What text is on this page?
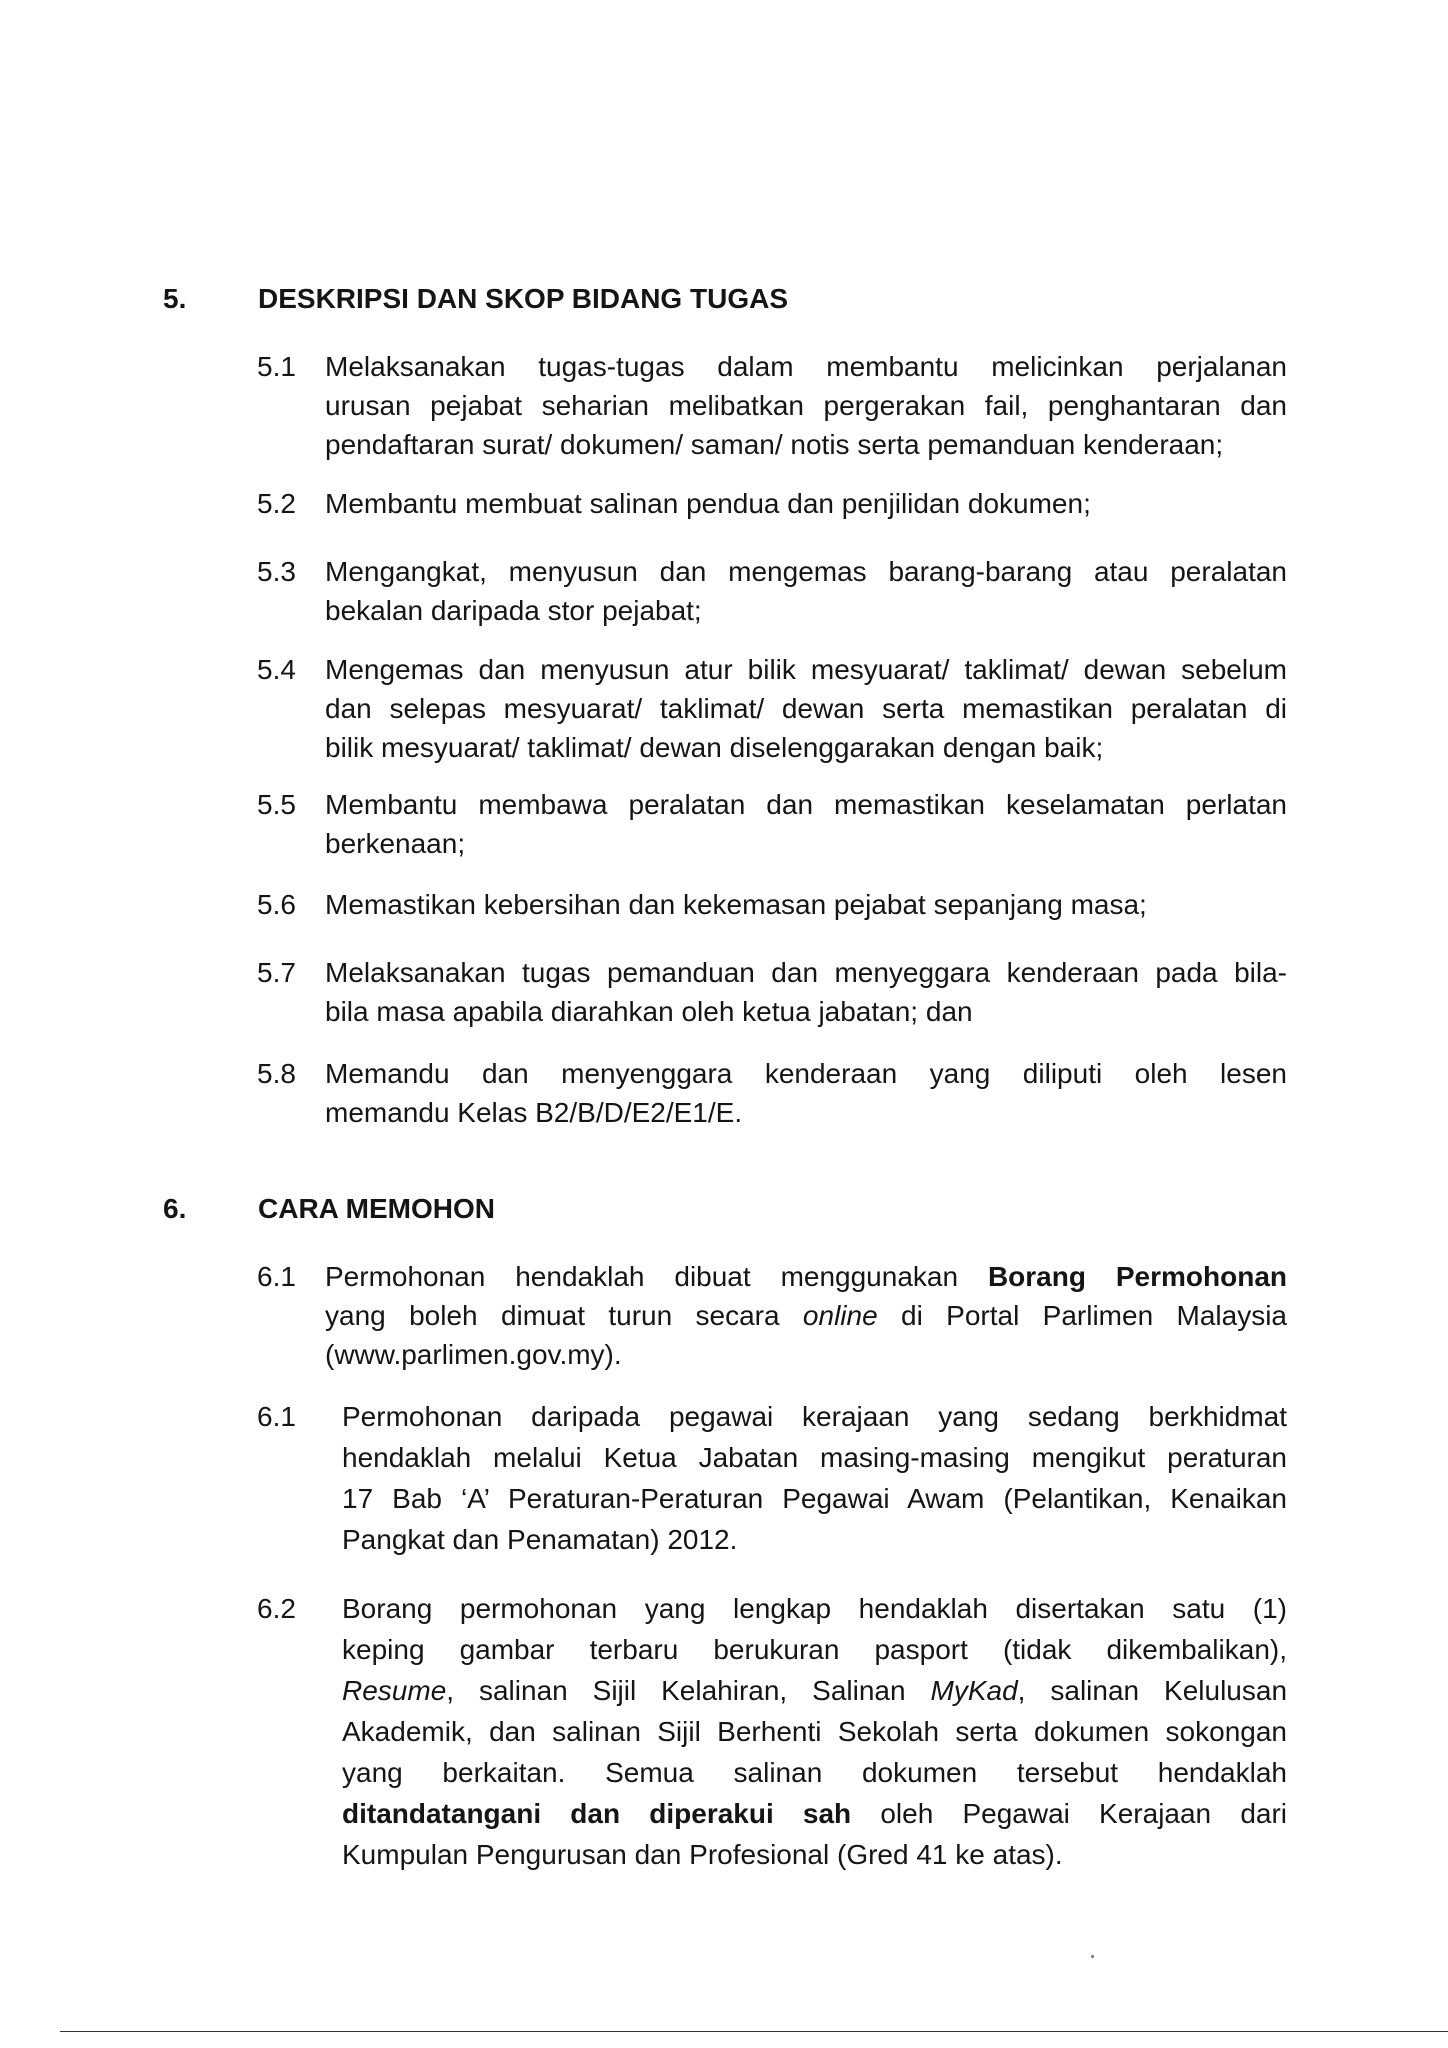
5.	DESKRIPSI DAN SKOP BIDANG TUGAS
5.1 Melaksanakan tugas-tugas dalam membantu melicinkan perjalanan
urusan pejabat seharian melibatkan pergerakan fail, penghantaran dan
pendaftaran surat/ dokumen/ saman/ notis serta pemanduan kenderaan;
5.2 Membantu membuat salinan pendua dan penjilidan dokumen;
5.3 Mengangkat, menyusun dan mengemas barang-barang atau peralatan
bekalan daripada stor pejabat;
5.4 Mengemas dan menyusun atur bilik mesyuarat/ taklimat/ dewan sebelum
dan selepas mesyuarat/ taklimat/ dewan serta memastikan peralatan di
bilik mesyuarat/ taklimat/ dewan diselenggarakan dengan baik;
5.5 Membantu membawa peralatan dan memastikan keselamatan perlatan
berkenaan;
5.6 Memastikan kebersihan dan kekemasan pejabat sepanjang masa;
5.7 Melaksanakan tugas pemanduan dan menyeggara kenderaan pada bila-
bila masa apabila diarahkan oleh ketua jabatan; dan
5.8 Memandu dan menyenggara kenderaan yang diliputi oleh lesen
memandu Kelas B2/B/D/E2/E1/E.
6.	CARA MEMOHON
6.1 Permohonan hendaklah dibuat menggunakan Borang Permohonan
yang boleh dimuat turun secara online di Portal Parlimen Malaysia
(www.parlimen.gov.my).
6.1 Permohonan daripada pegawai kerajaan yang sedang berkhidmat
hendaklah melalui Ketua Jabatan masing-masing mengikut peraturan
17 Bab ‘A’ Peraturan-Peraturan Pegawai Awam (Pelantikan, Kenaikan
Pangkat dan Penamatan) 2012.
6.2 Borang permohonan yang lengkap hendaklah disertakan satu (1)
keping gambar terbaru berukuran pasport (tidak dikembalikan),
Resume, salinan Sijil Kelahiran, Salinan MyKad, salinan Kelulusan
Akademik, dan salinan Sijil Berhenti Sekolah serta dokumen sokongan
yang berkaitan. Semua salinan dokumen tersebut hendaklah
ditandatangani dan diperakui sah oleh Pegawai Kerajaan dari
Kumpulan Pengurusan dan Profesional (Gred 41 ke atas).
